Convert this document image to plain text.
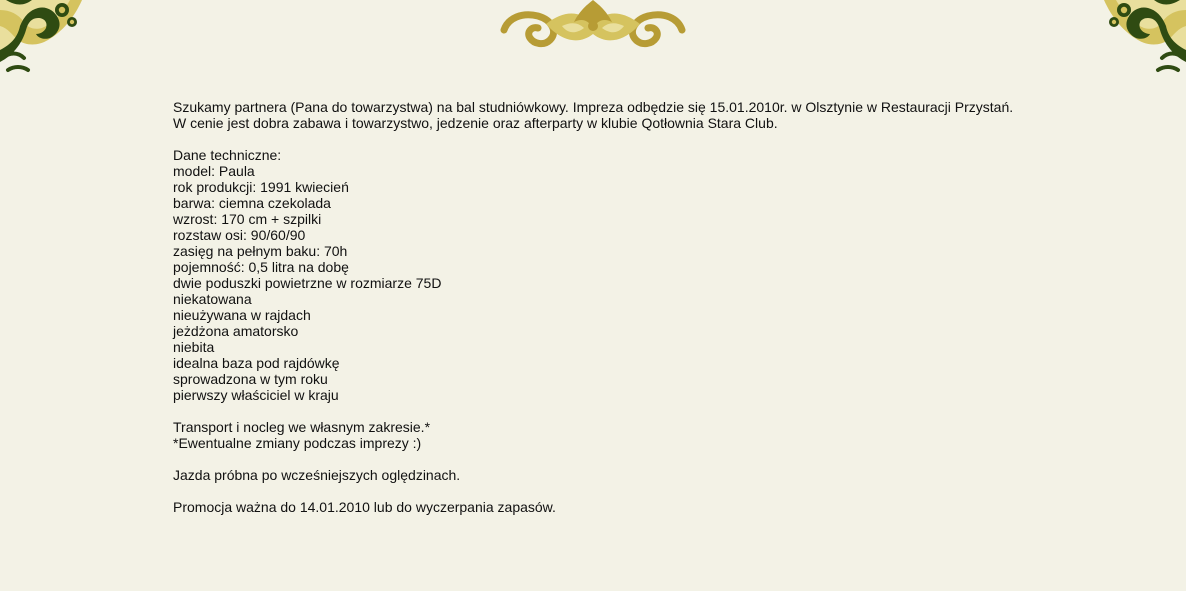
Szukamy partnera (Pana do towarzystwa) na bal studniówkowy. Impreza odbędzie się 15.01.2010r. w Olsztynie w Restauracji Przystań.
W cenie jest dobra zabawa i towarzystwo, jedzenie oraz afterparty w klubie Qotłownia Stara Club.
Dane techniczne:
model: Paula
rok produkcji: 1991 kwiecień
barwa: ciemna czekolada
wzrost: 170 cm + szpilki
rozstaw osi: 90/60/90
zasięg na pełnym baku: 70h
pojemność: 0,5 litra na dobę
dwie poduszki powietrzne w rozmiarze 75D
niekatowana
nieużywana w rajdach
jeżdżona amatorsko
niebita
idealna baza pod rajdówkę
sprowadzona w tym roku
pierwszy właściciel w kraju
Transport i nocleg we własnym zakresie.*
*Ewentualne zmiany podczas imprezy :)
Jazda próbna po wcześniejszych oględzinach.
Promocja ważna do 14.01.2010 lub do wyczerpania zapasów.
